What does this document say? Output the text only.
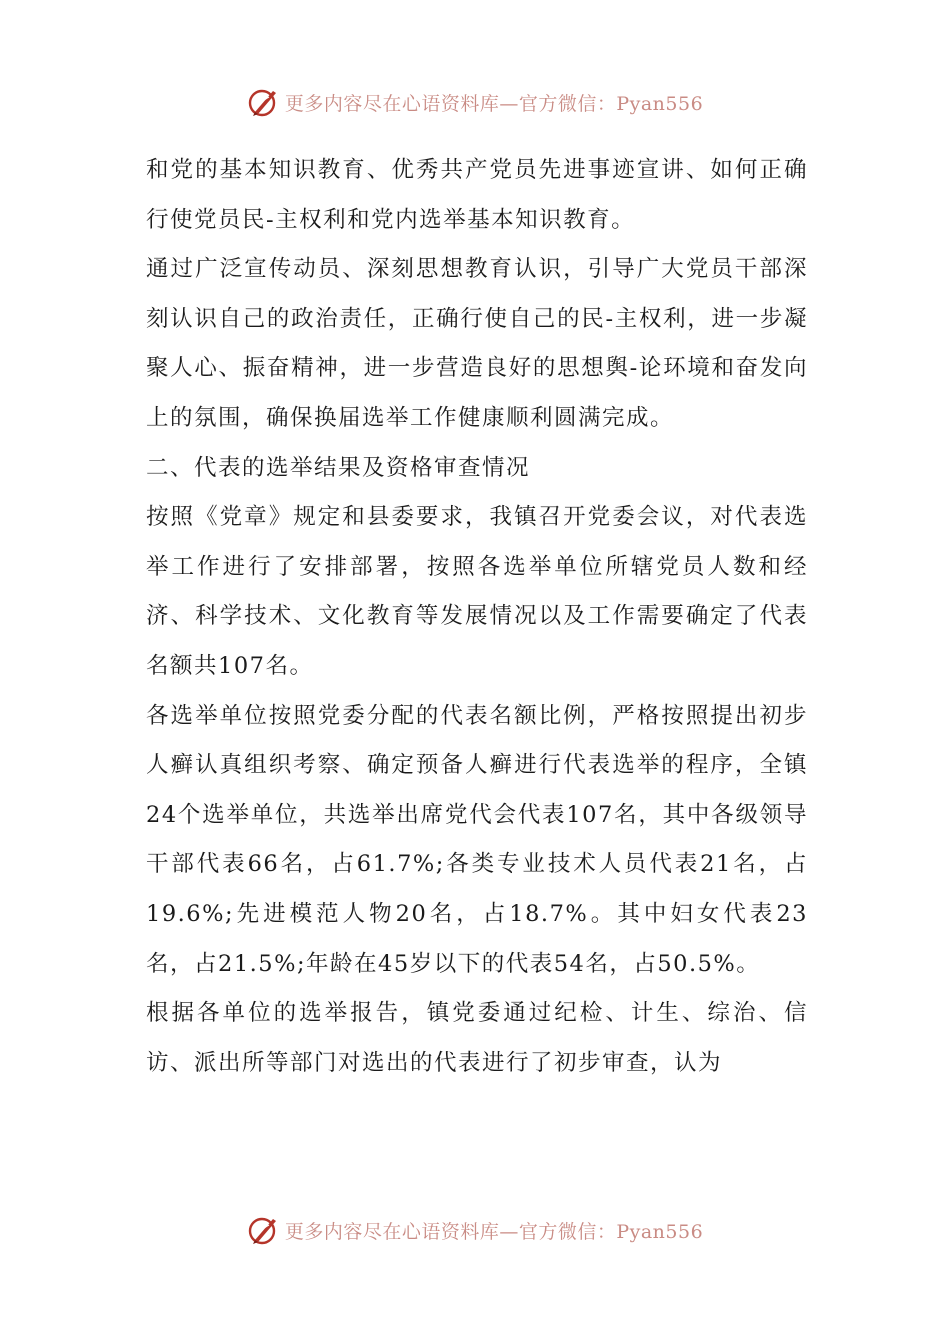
更多内容尽在心语资料库—官方微信：Pyan556

和党的基本知识教育、优秀共产党员先进事迹宣讲、如何正确行使党员民-主权利和党内选举基本知识教育。

通过广泛宣传动员、深刻思想教育认识，引导广大党员干部深刻认识自己的政治责任，正确行使自己的民-主权利，进一步凝聚人心、振奋精神，进一步营造良好的思想舆-论环境和奋发向上的氛围，确保换届选举工作健康顺利圆满完成。

二、代表的选举结果及资格审查情况

按照《党章》规定和县委要求，我镇召开党委会议，对代表选举工作进行了安排部署，按照各选举单位所辖党员人数和经济、科学技术、文化教育等发展情况以及工作需要确定了代表名额共107名。

各选举单位按照党委分配的代表名额比例，严格按照提出初步人癣认真组织考察、确定预备人癣进行代表选举的程序，全镇24个选举单位，共选举出席党代会代表107名，其中各级领导干部代表66名，占61.7%;各类专业技术人员代表21名，占19.6%;先进模范人物20名，占18.7%。其中妇女代表23名，占21.5%;年龄在45岁以下的代表54名，占50.5%。

根据各单位的选举报告，镇党委通过纪检、计生、综治、信访、派出所等部门对选出的代表进行了初步审查，认为

更多内容尽在心语资料库—官方微信：Pyan556
